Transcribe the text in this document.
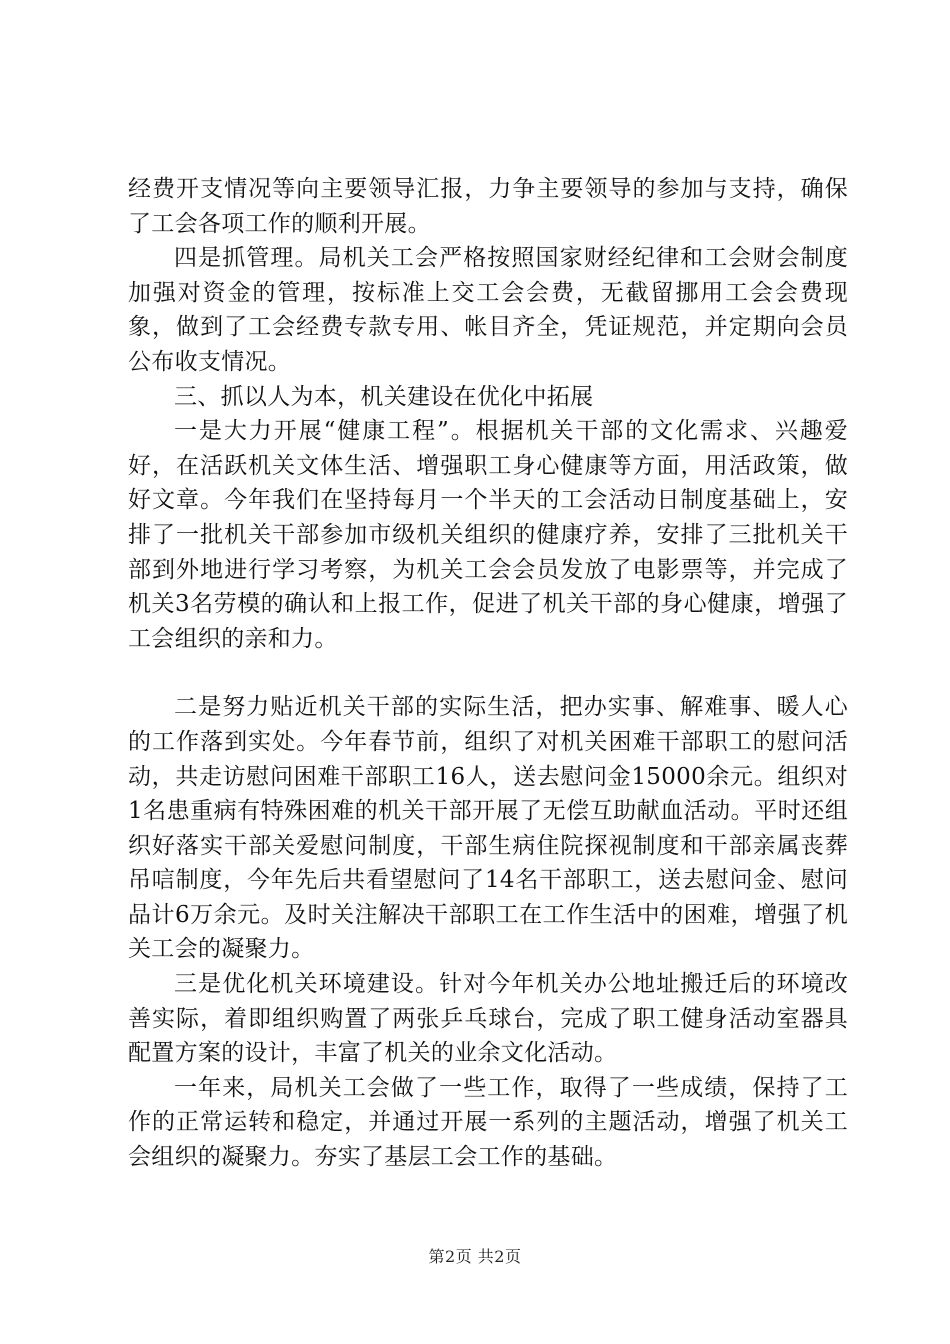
经费开支情况等向主要领导汇报，力争主要领导的参加与支持，确保了工会各项工作的顺利开展。

四是抓管理。局机关工会严格按照国家财经纪律和工会财会制度加强对资金的管理，按标准上交工会会费，无截留挪用工会会费现象，做到了工会经费专款专用、帐目齐全，凭证规范，并定期向会员公布收支情况。

三、抓以人为本，机关建设在优化中拓展

一是大力开展“健康工程”。根据机关干部的文化需求、兴趣爱好，在活跃机关文体生活、增强职工身心健康等方面，用活政策，做好文章。今年我们在坚持每月一个半天的工会活动日制度基础上，安排了一批机关干部参加市级机关组织的健康疗养，安排了三批机关干部到外地进行学习考察，为机关工会会员发放了电影票等，并完成了机关3名劳模的确认和上报工作，促进了机关干部的身心健康，增强了工会组织的亲和力。

二是努力贴近机关干部的实际生活，把办实事、解难事、暖人心的工作落到实处。今年春节前，组织了对机关困难干部职工的慰问活动，共走访慰问困难干部职工16人，送去慰问金15000余元。组织对1名患重病有特殊困难的机关干部开展了无偿互助献血活动。平时还组织好落实干部关爱慰问制度，干部生病住院探视制度和干部亲属丧葬吊唁制度，今年先后共看望慰问了14名干部职工，送去慰问金、慰问品计6万余元。及时关注解决干部职工在工作生活中的困难，增强了机关工会的凝聚力。

三是优化机关环境建设。针对今年机关办公地址搬迁后的环境改善实际，着即组织购置了两张乒乓球台，完成了职工健身活动室器具配置方案的设计，丰富了机关的业余文化活动。

一年来，局机关工会做了一些工作，取得了一些成绩，保持了工作的正常运转和稳定，并通过开展一系列的主题活动，增强了机关工会组织的凝聚力。夯实了基层工会工作的基础。

第2页 共2页
